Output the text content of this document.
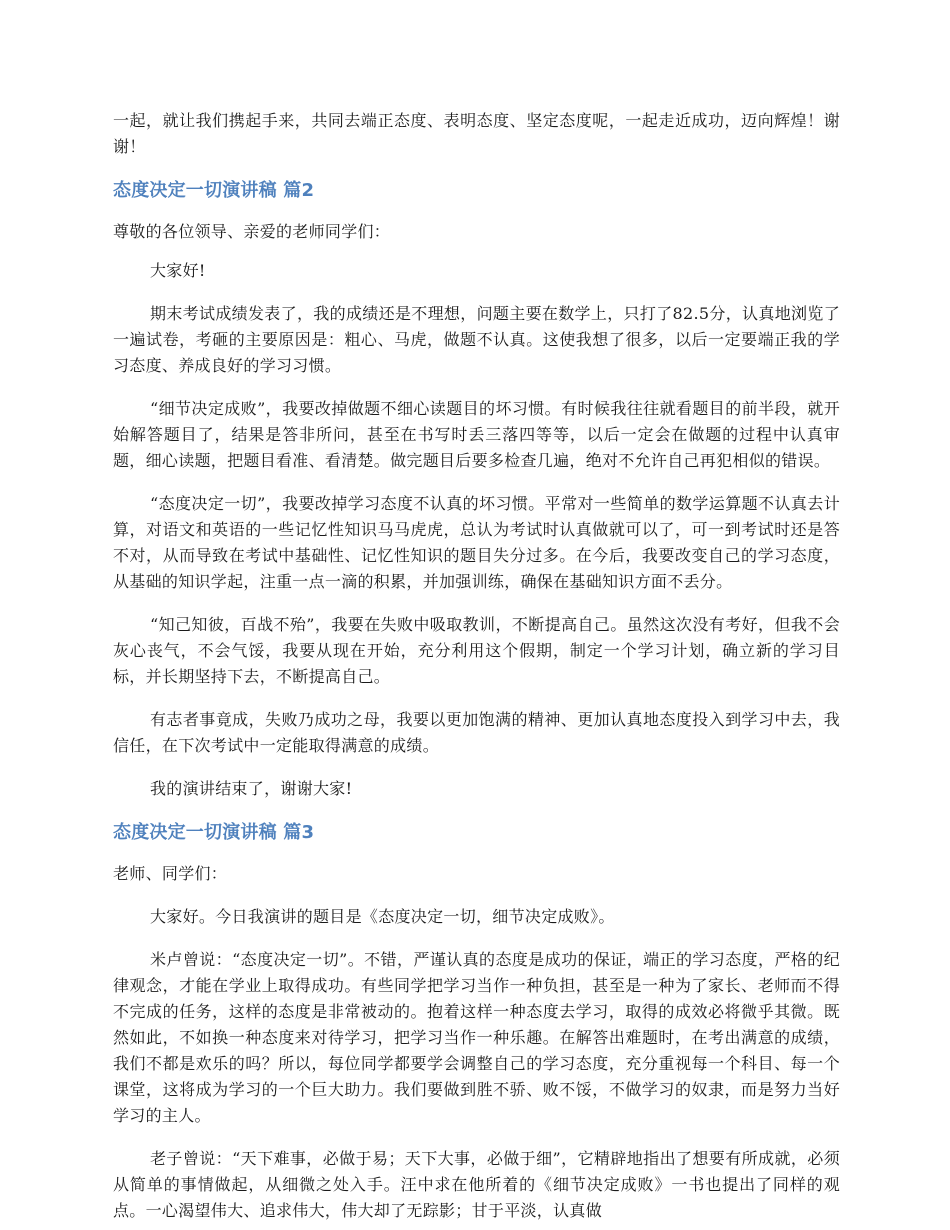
一起，就让我们携起手来，共同去端正态度、表明态度、坚定态度呢，一起走近成功，迈向辉煌！谢谢！

态度决定一切演讲稿 篇2

尊敬的各位领导、亲爱的老师同学们：

大家好!

期末考试成绩发表了，我的成绩还是不理想，问题主要在数学上，只打了82.5分，认真地浏览了一遍试卷，考砸的主要原因是：粗心、马虎，做题不认真。这使我想了很多，以后一定要端正我的学习态度、养成良好的学习习惯。

“细节决定成败”，我要改掉做题不细心读题目的坏习惯。有时候我往往就看题目的前半段，就开始解答题目了，结果是答非所问，甚至在书写时丢三落四等等，以后一定会在做题的过程中认真审题，细心读题，把题目看准、看清楚。做完题目后要多检查几遍，绝对不允许自己再犯相似的错误。

“态度决定一切”，我要改掉学习态度不认真的坏习惯。平常对一些简单的数学运算题不认真去计算，对语文和英语的一些记忆性知识马马虎虎，总认为考试时认真做就可以了，可一到考试时还是答不对，从而导致在考试中基础性、记忆性知识的题目失分过多。在今后，我要改变自己的学习态度，从基础的知识学起，注重一点一滴的积累，并加强训练，确保在基础知识方面不丢分。

“知己知彼，百战不殆”，我要在失败中吸取教训，不断提高自己。虽然这次没有考好，但我不会灰心丧气，不会气馁，我要从现在开始，充分利用这个假期，制定一个学习计划，确立新的学习目标，并长期坚持下去，不断提高自己。

有志者事竟成，失败乃成功之母，我要以更加饱满的精神、更加认真地态度投入到学习中去，我信任，在下次考试中一定能取得满意的成绩。

我的演讲结束了，谢谢大家!

态度决定一切演讲稿 篇3

老师、同学们：

大家好。今日我演讲的题目是《态度决定一切，细节决定成败》。

米卢曾说：“态度决定一切”。不错，严谨认真的态度是成功的保证，端正的学习态度，严格的纪律观念，才能在学业上取得成功。有些同学把学习当作一种负担，甚至是一种为了家长、老师而不得不完成的任务，这样的态度是非常被动的。抱着这样一种态度去学习，取得的成效必将微乎其微。既然如此，不如换一种态度来对待学习，把学习当作一种乐趣。在解答出难题时，在考出满意的成绩，我们不都是欢乐的吗？所以，每位同学都要学会调整自己的学习态度，充分重视每一个科目、每一个课堂，这将成为学习的一个巨大助力。我们要做到胜不骄、败不馁，不做学习的奴隶，而是努力当好学习的主人。

老子曾说：“天下难事，必做于易；天下大事，必做于细”，它精辟地指出了想要有所成就，必须从简单的事情做起，从细微之处入手。汪中求在他所着的《细节决定成败》一书也提出了同样的观点。一心渴望伟大、追求伟大，伟大却了无踪影；甘于平淡，认真做
